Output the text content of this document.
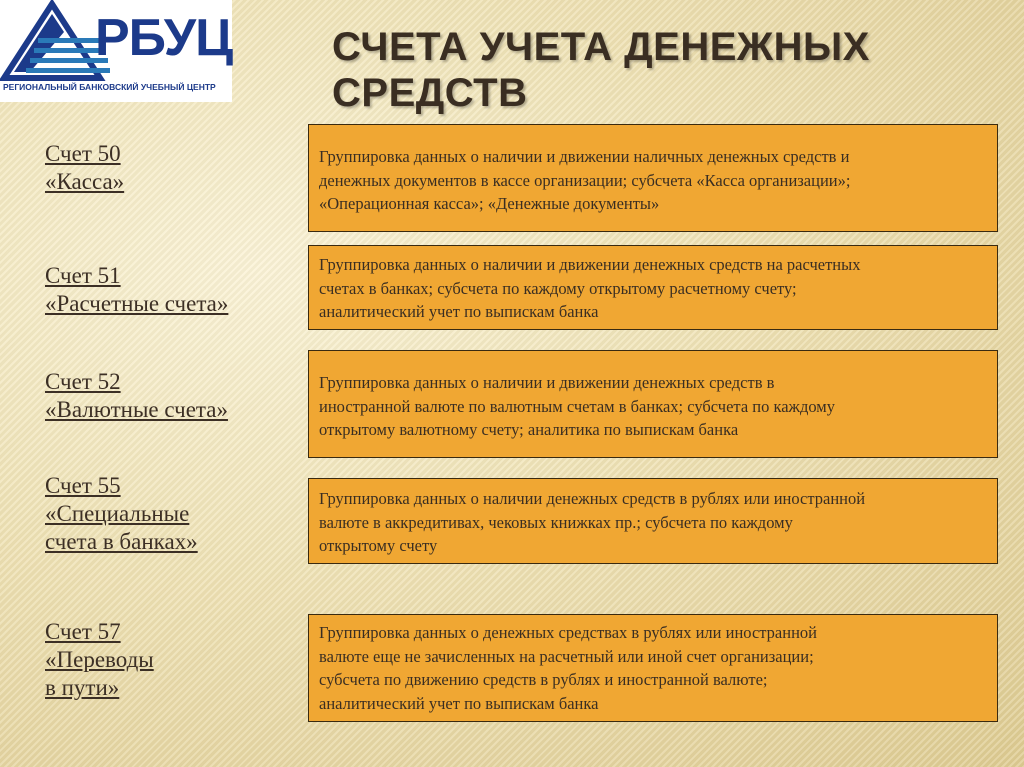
РБУЦ
РЕГИОНАЛЬНЫЙ БАНКОВСКИЙ УЧЕБНЫЙ ЦЕНТР
СЧЕТА УЧЕТА ДЕНЕЖНЫХ СРЕДСТВ
Счет 50
«Касса»

Группировка данных о наличии и движении наличных денежных средств и
денежных документов в кассе организации; субсчета «Касса организации»;
«Операционная касса»; «Денежные документы»

Счет 51
«Расчетные счета»

Группировка данных о наличии и движении денежных средств на расчетных
счетах в банках; субсчета по каждому открытому расчетному счету;
аналитический учет по выпискам банка

Счет 52
«Валютные счета»

Группировка данных о наличии и движении денежных средств в
иностранной валюте по валютным счетам в банках; субсчета по каждому
открытому валютному счету; аналитика по выпискам банка

Счет 55
«Специальные
счета в банках»

Группировка данных о наличии денежных средств в рублях или иностранной
валюте в аккредитивах, чековых книжках пр.; субсчета по каждому
открытому счету

Счет 57
«Переводы
в пути»

Группировка данных о денежных средствах в рублях или иностранной
валюте еще не зачисленных на расчетный или иной счет организации;
субсчета по движению средств в рублях и иностранной валюте;
аналитический учет по выпискам банка
